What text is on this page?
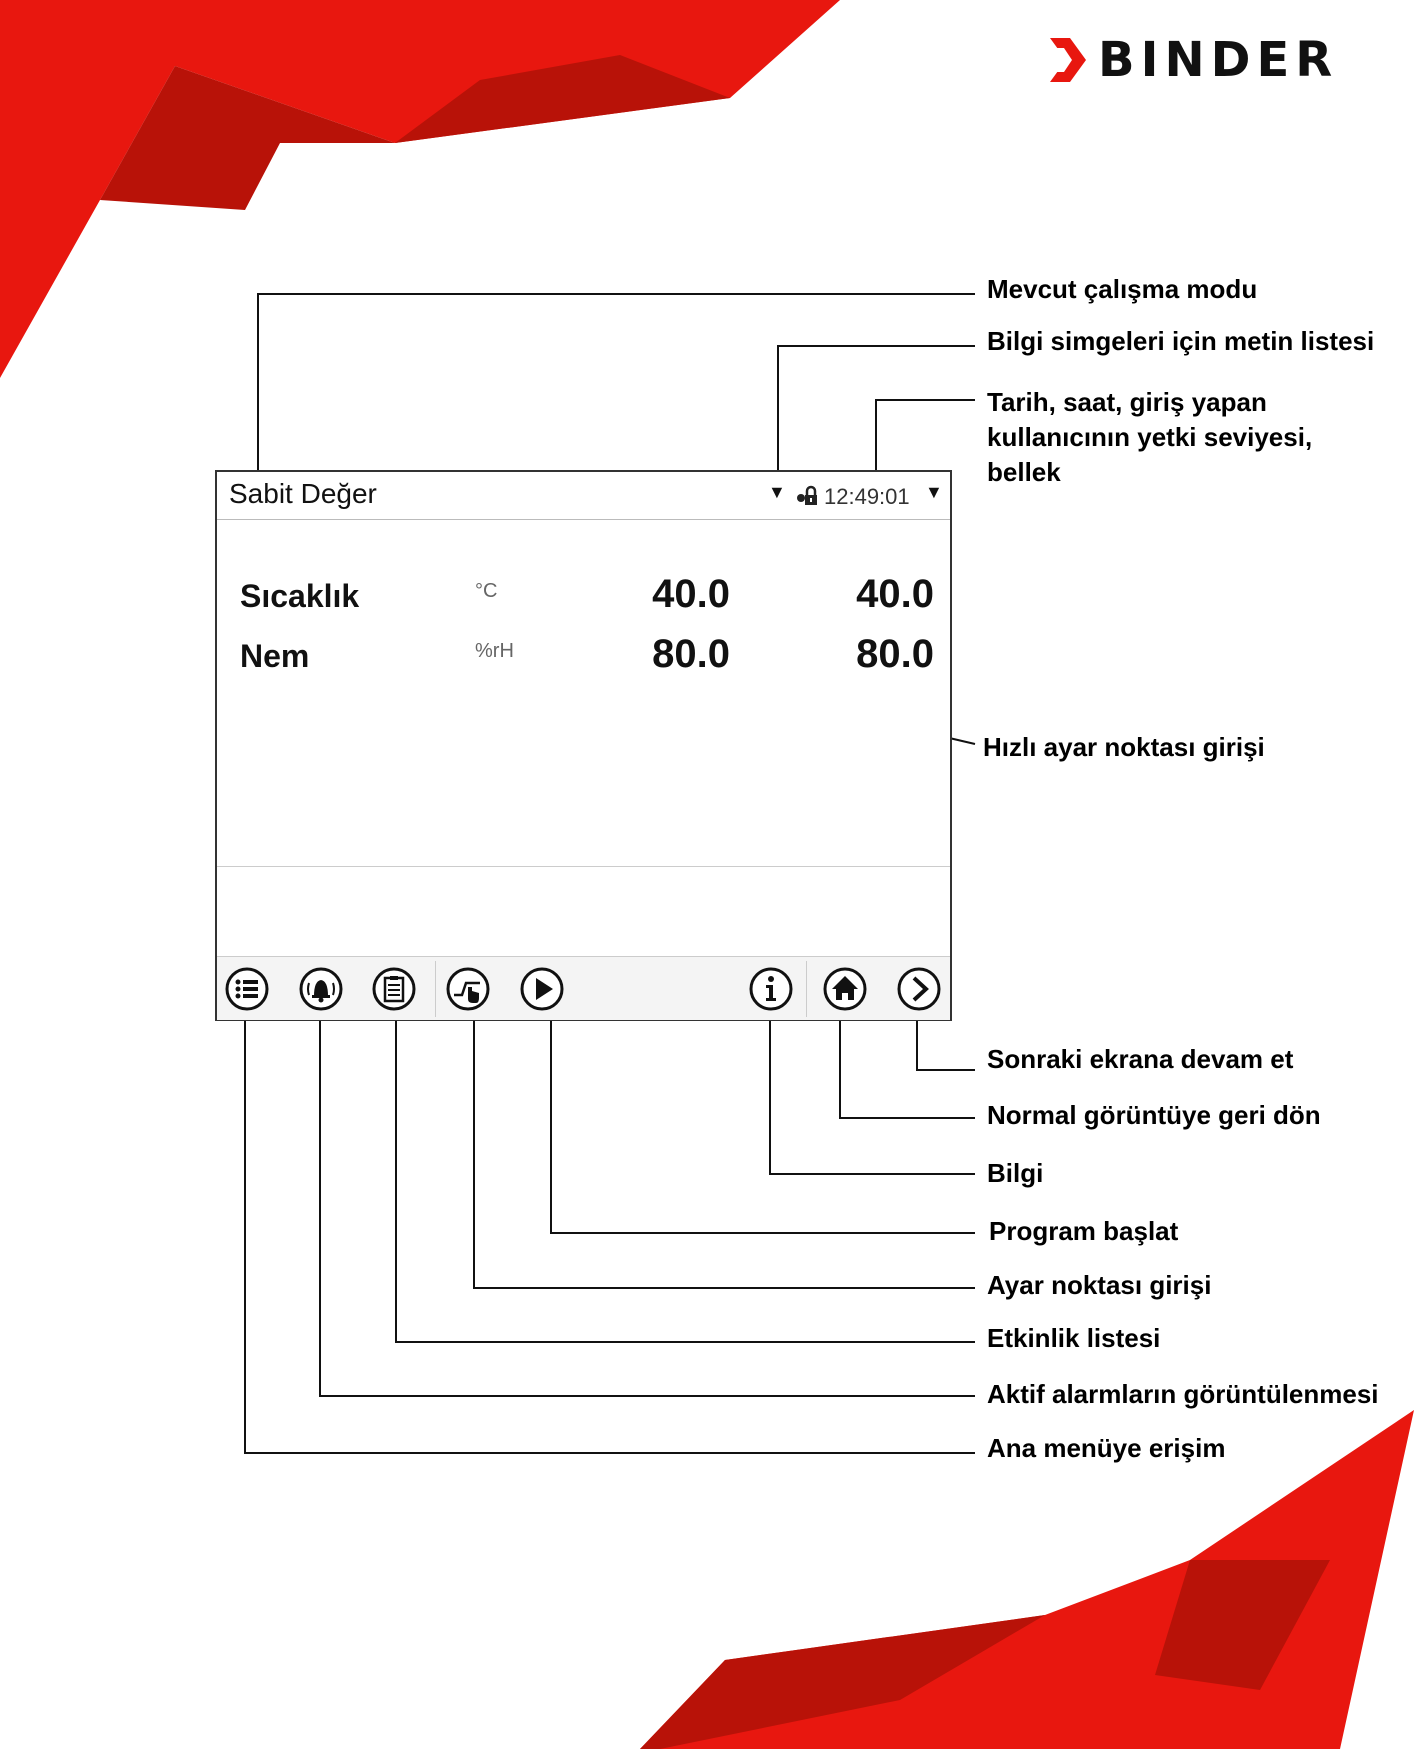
BINDER
Mevcut çalışma modu
Bilgi simgeleri için metin listesi
Tarih, saat, giriş yapan
kullanıcının yetki seviyesi,
bellek
Hızlı ayar noktası girişi
Sonraki ekrana devam et
Normal görüntüye geri dön
Bilgi
Program başlat
Ayar noktası girişi
Etkinlik listesi
Aktif alarmların görüntülenmesi
Ana menüye erişim
Sabit Değer	▼ 12:49:01 ▼
Sıcaklık	°C	40.0	40.0
Nem	%rH	80.0	80.0
